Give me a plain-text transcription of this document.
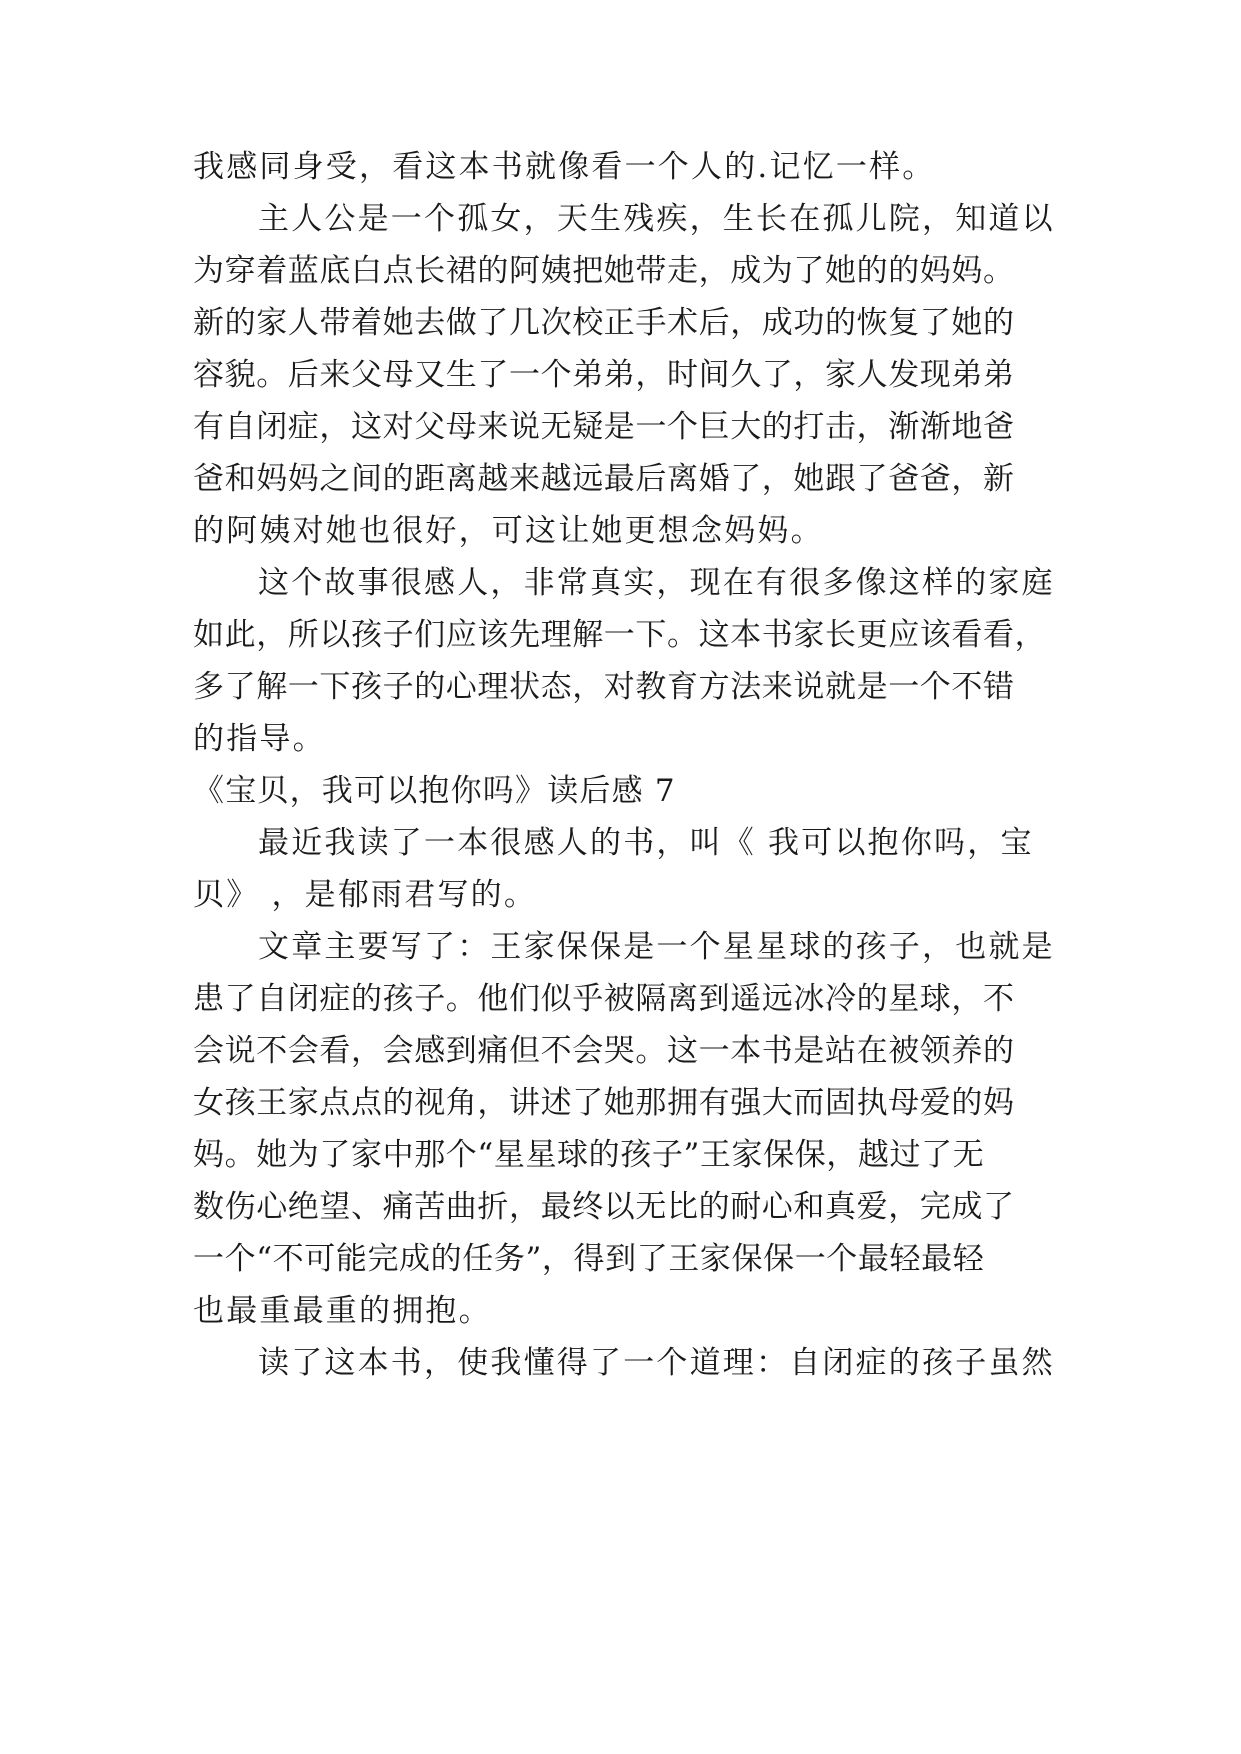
我感同身受，看这本书就像看一个人的.记忆一样。

主人公是一个孤女，天生残疾，生长在孤儿院，知道以

为穿着蓝底白点长裙的阿姨把她带走，成为了她的的妈妈。

新的家人带着她去做了几次校正手术后，成功的恢复了她的

容貌。后来父母又生了一个弟弟，时间久了，家人发现弟弟

有自闭症，这对父母来说无疑是一个巨大的打击，渐渐地爸

爸和妈妈之间的距离越来越远最后离婚了，她跟了爸爸，新

的阿姨对她也很好，可这让她更想念妈妈。

这个故事很感人，非常真实，现在有很多像这样的家庭

如此，所以孩子们应该先理解一下。这本书家长更应该看看，

多了解一下孩子的心理状态，对教育方法来说就是一个不错

的指导。

《宝贝，我可以抱你吗》读后感 7

最近我读了一本很感人的书，叫《 我可以抱你吗，宝

贝》 ，是郁雨君写的。

文章主要写了：王家保保是一个星星球的孩子，也就是

患了自闭症的孩子。他们似乎被隔离到遥远冰冷的星球，不

会说不会看，会感到痛但不会哭。这一本书是站在被领养的

女孩王家点点的视角，讲述了她那拥有强大而固执母爱的妈

妈。她为了家中那个“星星球的孩子”王家保保，越过了无

数伤心绝望、痛苦曲折，最终以无比的耐心和真爱，完成了

一个“不可能完成的任务”，得到了王家保保一个最轻最轻

也最重最重的拥抱。

读了这本书，使我懂得了一个道理：自闭症的孩子虽然
